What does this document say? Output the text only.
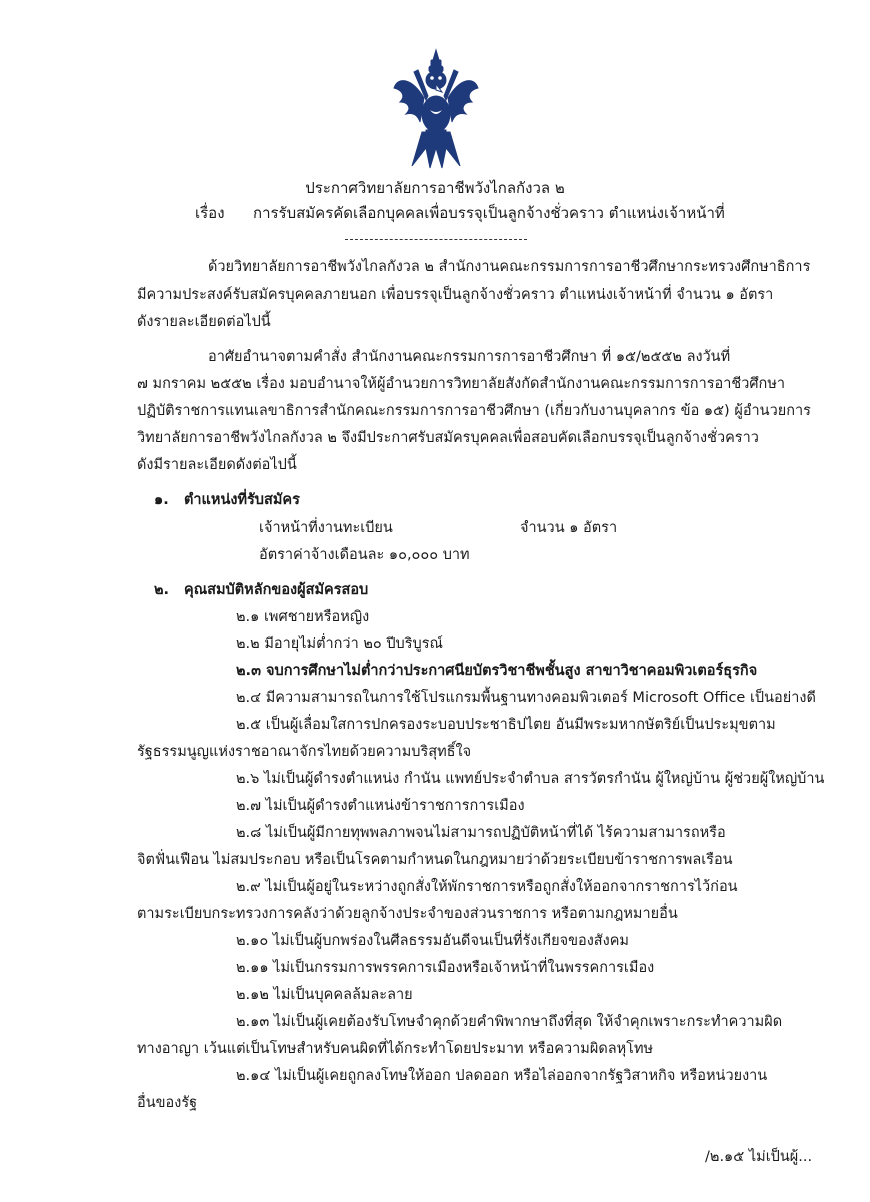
ประกาศวิทยาลัยการอาชีพวังไกลกังวล ๒
เรื่อง การรับสมัครคัดเลือกบุคคลเพื่อบรรจุเป็นลูกจ้างชั่วคราว ตำแหน่งเจ้าหน้าที่
ด้วยวิทยาลัยการอาชีพวังไกลกังวล ๒ สำนักงานคณะกรรมการการอาชีวศึกษากระทรวงศึกษาธิการ
มีความประสงค์รับสมัครบุคคลภายนอก เพื่อบรรจุเป็นลูกจ้างชั่วคราว ตำแหน่งเจ้าหน้าที่ จำนวน ๑ อัตรา
ดังรายละเอียดต่อไปนี้
อาศัยอำนาจตามคำสั่ง สำนักงานคณะกรรมการการอาชีวศึกษา ที่ ๑๕/๒๕๕๒ ลงวันที่
๗ มกราคม ๒๕๕๒ เรื่อง มอบอำนาจให้ผู้อำนวยการวิทยาลัยสังกัดสำนักงานคณะกรรมการการอาชีวศึกษา
ปฏิบัติราชการแทนเลขาธิการสำนักคณะกรรมการการอาชีวศึกษา (เกี่ยวกับงานบุคลากร ข้อ ๑๕) ผู้อำนวยการ
วิทยาลัยการอาชีพวังไกลกังวล ๒ จึงมีประกาศรับสมัครบุคคลเพื่อสอบคัดเลือกบรรจุเป็นลูกจ้างชั่วคราว
ดังมีรายละเอียดดังต่อไปนี้
๑. ตำแหน่งที่รับสมัคร
เจ้าหน้าที่งานทะเบียน	จำนวน ๑ อัตรา
อัตราค่าจ้างเดือนละ ๑๐,๐๐๐ บาท
๒. คุณสมบัติหลักของผู้สมัครสอบ
๒.๑ เพศชายหรือหญิง
๒.๒ มีอายุไม่ต่ำกว่า ๒๐ ปีบริบูรณ์
๒.๓ จบการศึกษาไม่ต่ำกว่าประกาศนียบัตรวิชาชีพชั้นสูง สาขาวิชาคอมพิวเตอร์ธุรกิจ
๒.๔ มีความสามารถในการใช้โปรแกรมพื้นฐานทางคอมพิวเตอร์ Microsoft Office เป็นอย่างดี
๒.๕ เป็นผู้เลื่อมใสการปกครองระบอบประชาธิปไตย อันมีพระมหากษัตริย์เป็นประมุขตาม
รัฐธรรมนูญแห่งราชอาณาจักรไทยด้วยความบริสุทธิ์ใจ
๒.๖ ไม่เป็นผู้ดำรงตำแหน่ง กำนัน แพทย์ประจำตำบล สารวัตรกำนัน ผู้ใหญ่บ้าน ผู้ช่วยผู้ใหญ่บ้าน
๒.๗ ไม่เป็นผู้ดำรงตำแหน่งข้าราชการการเมือง
๒.๘ ไม่เป็นผู้มีกายทุพพลภาพจนไม่สามารถปฏิบัติหน้าที่ได้ ไร้ความสามารถหรือ
จิตฟั่นเฟือน ไม่สมประกอบ หรือเป็นโรคตามกำหนดในกฎหมายว่าด้วยระเบียบข้าราชการพลเรือน
๒.๙ ไม่เป็นผู้อยู่ในระหว่างถูกสั่งให้พักราชการหรือถูกสั่งให้ออกจากราชการไว้ก่อน
ตามระเบียบกระทรวงการคลังว่าด้วยลูกจ้างประจำของส่วนราชการ หรือตามกฎหมายอื่น
๒.๑๐ ไม่เป็นผู้บกพร่องในศีลธรรมอันดีจนเป็นที่รังเกียจของสังคม
๒.๑๑ ไม่เป็นกรรมการพรรคการเมืองหรือเจ้าหน้าที่ในพรรคการเมือง
๒.๑๒ ไม่เป็นบุคคลล้มละลาย
๒.๑๓ ไม่เป็นผู้เคยต้องรับโทษจำคุกด้วยคำพิพากษาถึงที่สุด ให้จำคุกเพราะกระทำความผิด
ทางอาญา เว้นแต่เป็นโทษสำหรับคนผิดที่ได้กระทำโดยประมาท หรือความผิดลหุโทษ
๒.๑๔ ไม่เป็นผู้เคยถูกลงโทษให้ออก ปลดออก หรือไล่ออกจากรัฐวิสาหกิจ หรือหน่วยงาน
อื่นของรัฐ
/๒.๑๕ ไม่เป็นผู้...
